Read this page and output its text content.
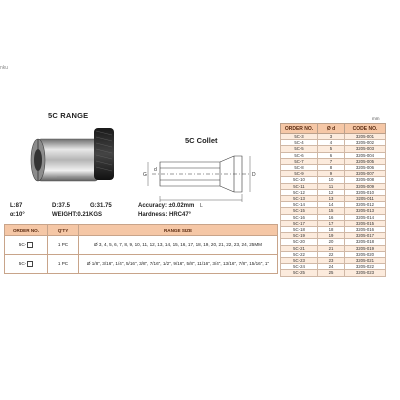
nku
5C RANGE
5C Collet
L
G	D
d
L:87	D:37.5	G:31.75	Accuracy: ±0.02mm
α:10°	WEIGHT:0.21KGS	Hardness: HRC47°
ORDER NO.	Q'TY	RANGE SIZE
5C-	1 PC	Ø 3, 4, 5, 6, 7, 8, 9, 10, 11, 12, 13, 14, 15, 16, 17, 18, 19, 20, 21, 22, 23, 24, 25MM
5C-	1 PC	Ø 1/8", 3/16", 1/4", 5/16", 3/8", 7/16", 1/2", 9/16", 5/8", 11/16", 3/4", 13/16", 7/8", 15/16", 1"
mm
ORDER NO.	Ø d	CODE NO.
5C-3	3	3205-001
5C-4	4	3205-002
5C-5	5	3205-003
5C-6	6	3205-004
5C-7	7	3205-005
5C-8	8	3205-006
5C-9	9	3205-007
5C-10	10	3205-008
5C-11	11	3205-009
5C-12	12	3205-010
5C-13	13	3205-011
5C-14	14	3205-012
5C-15	15	3205-013
5C-16	16	3205-014
5C-17	17	3205-015
5C-18	18	3205-016
5C-19	19	3205-017
5C-20	20	3205-018
5C-21	21	3205-019
5C-22	22	3205-020
5C-23	23	3205-021
5C-24	24	3205-022
5C-25	25	3205-023
